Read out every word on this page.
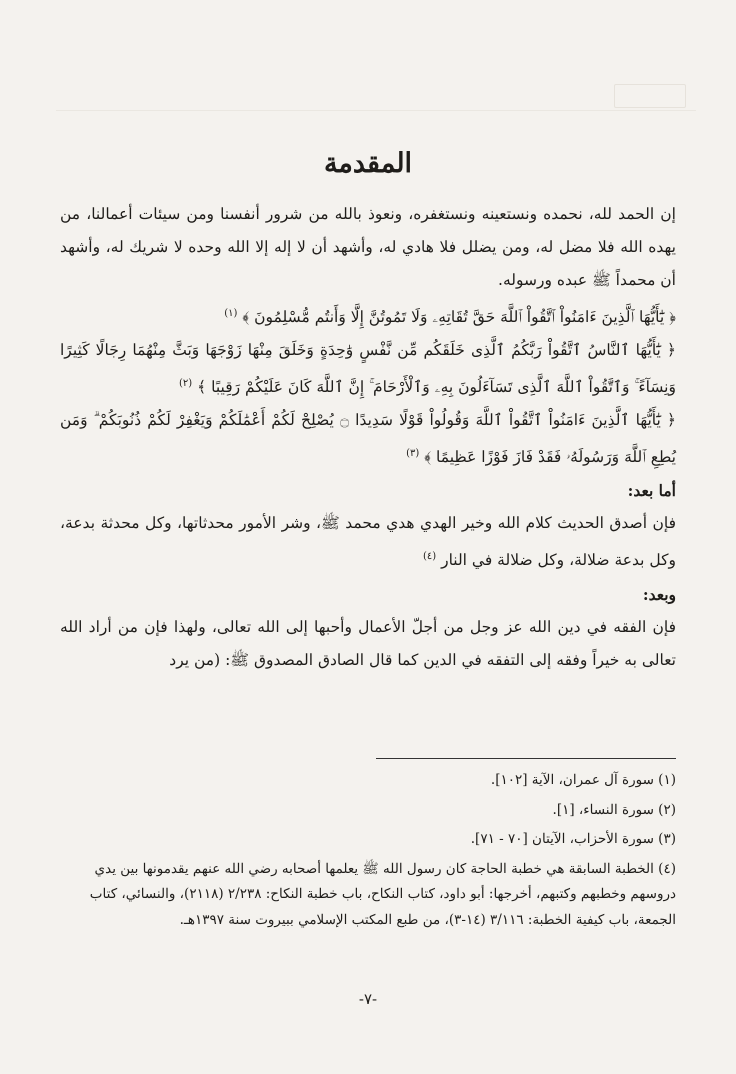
المقدمة

إن الحمد لله، نحمده ونستعينه ونستغفره، ونعوذ بالله من شرور أنفسنا ومن سيئات أعمالنا، من يهده الله فلا مضل له، ومن يضلل فلا هادي له، وأشهد أن لا إله إلا الله وحده لا شريك له، وأشهد أن محمداً ﷺ عبده ورسوله.

﴿ يَٰٓأَيُّهَا ٱلَّذِينَ ءَامَنُواْ ٱتَّقُواْ ٱللَّهَ حَقَّ تُقَاتِهِۦ وَلَا تَمُوتُنَّ إِلَّا وَأَنتُم مُّسْلِمُونَ ﴾ $^{(١)}$

﴿ يَٰٓأَيُّهَا ٱلنَّاسُ ٱتَّقُواْ رَبَّكُمُ ٱلَّذِى خَلَقَكُم مِّن نَّفْسٍ وَٰحِدَةٍ وَخَلَقَ مِنْهَا زَوْجَهَا وَبَثَّ مِنْهُمَا رِجَالًا كَثِيرًا وَنِسَآءً ۚ وَٱتَّقُواْ ٱللَّهَ ٱلَّذِى تَسَآءَلُونَ بِهِۦ وَٱلْأَرْحَامَ ۚ إِنَّ ٱللَّهَ كَانَ عَلَيْكُمْ رَقِيبًا ﴾ $^{(٢)}$

﴿ يَٰٓأَيُّهَا ٱلَّذِينَ ءَامَنُواْ ٱتَّقُواْ ٱللَّهَ وَقُولُواْ قَوْلًا سَدِيدًا ۝ يُصْلِحْ لَكُمْ أَعْمَٰلَكُمْ وَيَغْفِرْ لَكُمْ ذُنُوبَكُمْ ۗ وَمَن يُطِعِ ٱللَّهَ وَرَسُولَهُۥ فَقَدْ فَازَ فَوْزًا عَظِيمًا ﴾ $^{(٣)}$

أما بعد:

فإن أصدق الحديث كلام الله وخير الهدي هدي محمد ﷺ، وشر الأمور محدثاتها، وكل محدثة بدعة، وكل بدعة ضلالة، وكل ضلالة في النار $^{(٤)}$

وبعد:

فإن الفقه في دين الله عز وجل من أجلّ الأعمال وأحبها إلى الله تعالى، ولهذا فإن من أراد الله تعالى به خيراً وفقه إلى التفقه في الدين كما قال الصادق المصدوق ﷺ: (من يرد

(١) سورة آل عمران، الآية [١٠٢].

(٢) سورة النساء، [١].

(٣) سورة الأحزاب، الآيتان [٧٠ - ٧١].

(٤) الخطبة السابقة هي خطبة الحاجة كان رسول الله ﷺ يعلمها أصحابه رضي الله عنهم يقدمونها بين يدي دروسهم وخطبهم وكتبهم، أخرجها: أبو داود، كتاب النكاح، باب خطبة النكاح: ٢/٢٣٨ (٢١١٨)، والنسائي، كتاب الجمعة، باب كيفية الخطبة: ٣/١١٦ (١٤-٣)، من طبع المكتب الإسلامي ببيروت سنة ١٣٩٧هـ.

-٧-
